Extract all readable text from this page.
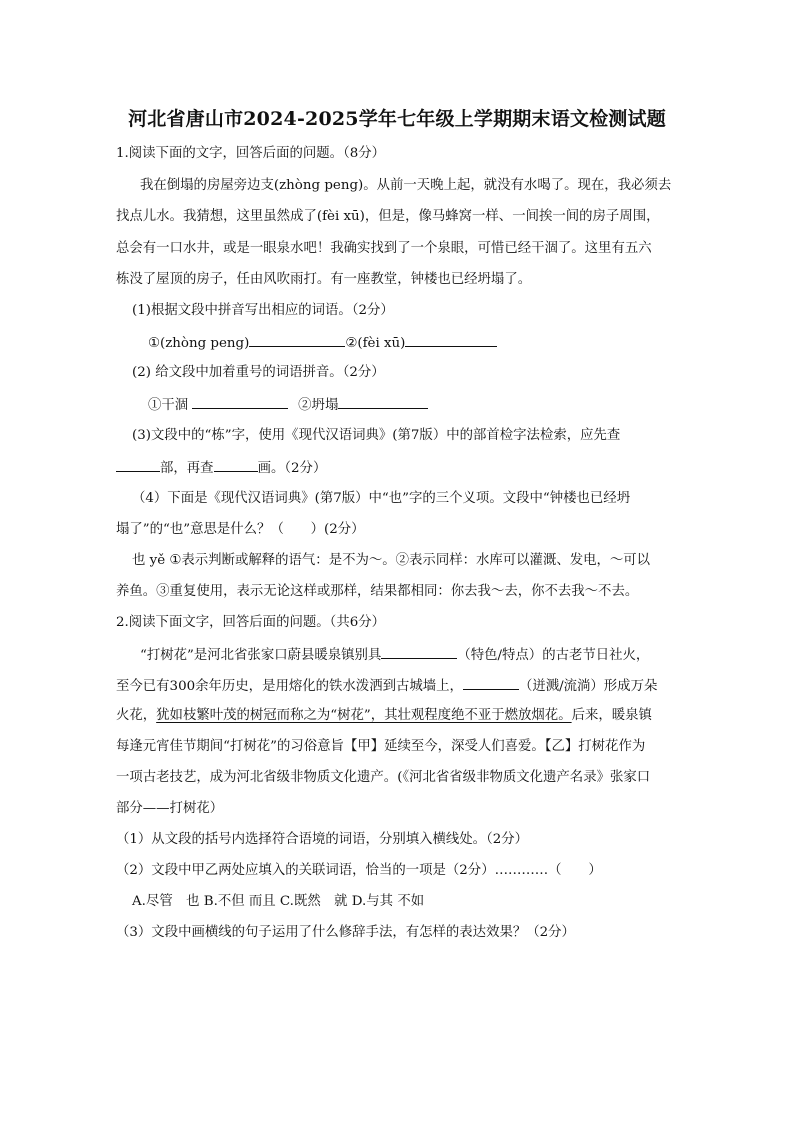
河北省唐山市2024-2025学年七年级上学期期末语文检测试题
1.阅读下面的文字，回答后面的问题。（8分）
我在倒塌的房屋旁边支(zhòng peng)。从前一天晚上起，就没有水喝了。现在，我必须去
找点儿水。我猜想，这里虽然成了(fèi xū)，但是，像马蜂窝一样、一间挨一间的房子周围，
总会有一口水井，或是一眼泉水吧！我确实找到了一个泉眼，可惜已经干涸了。这里有五六
栋没了屋顶的房子，任由风吹雨打。有一座教堂，钟楼也已经坍塌了。
(1)根据文段中拼音写出相应的词语。（2分）
①(zhòng peng)	②(fèi xū)
(2) 给文段中加着重号的词语拼音。（2分）
①干涸	②坍塌
(3)文段中的“栋”字，使用《现代汉语词典》(第7版）中的部首检字法检索，应先查
部，再查	画。（2分）
（4）下面是《现代汉语词典》(第7版）中“也”字的三个义项。文段中“钟楼也已经坍
塌了”的“也”意思是什么？（　　）(2分）
也 yě ①表示判断或解释的语气：是不为～。②表示同样：水库可以灌溉、发电，～可以
养鱼。③重复使用，表示无论这样或那样，结果都相同：你去我～去，你不去我～不去。
2.阅读下面文字，回答后面的问题。（共6分）
“打树花”是河北省张家口蔚县暖泉镇别具	（特色/特点）的古老节日社火，
至今已有300余年历史，是用熔化的铁水泼洒到古城墙上，	（迸溅/流淌）形成万朵
火花，犹如枝繁叶茂的树冠而称之为“树花”，其壮观程度绝不亚于燃放烟花。后来，暖泉镇
每逢元宵佳节期间“打树花”的习俗意旨【甲】延续至今，深受人们喜爱。【乙】打树花作为
一项古老技艺，成为河北省级非物质文化遗产。(《河北省省级非物质文化遗产名录》张家口
部分——打树花）
（1）从文段的括号内选择符合语境的词语，分别填入横线处。（2分）
（2）文段中甲乙两处应填入的关联词语，恰当的一项是（2分）…………（　　）
A.尽管　也 B.不但 而且 C.既然　就 D.与其 不如
（3）文段中画横线的句子运用了什么修辞手法，有怎样的表达效果？（2分）
